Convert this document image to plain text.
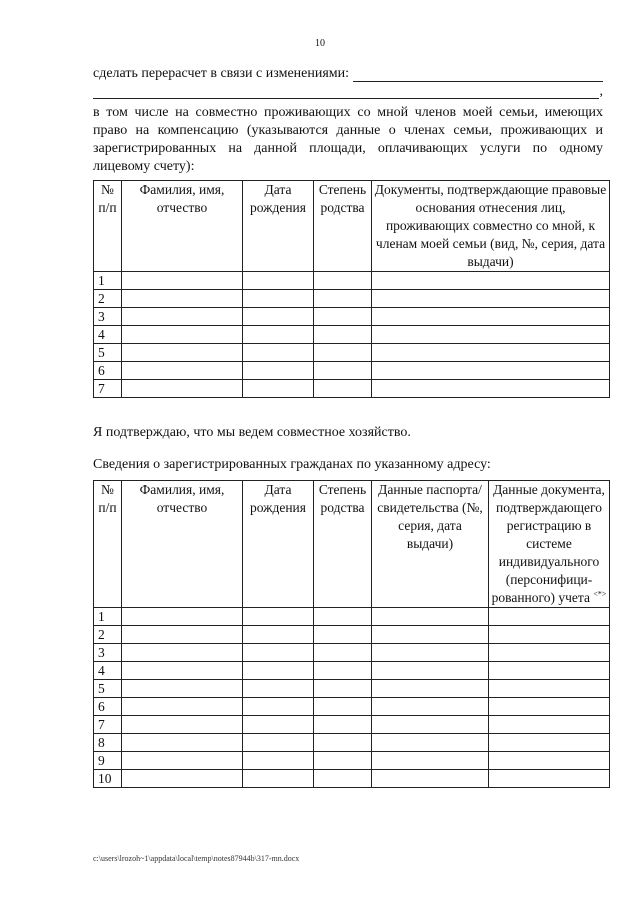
10
сделать перерасчет в связи с изменениями:
,

в том числе на совместно проживающих со мной членов моей семьи, имеющих право на компенсацию (указываются данные о членах семьи, проживающих и зарегистрированных на данной площади, оплачивающих услуги по одному лицевому счету):

№ п/п	Фамилия, имя, отчество	Дата рождения	Степень родства	Документы, подтверждающие правовые основания отнесения лиц, проживающих совместно со мной, к членам моей семьи (вид, №, серия, дата выдачи)
1				
2				
3				
4				
5				
6				
7				
Я подтверждаю, что мы ведем совместное хозяйство.
Сведения о зарегистрированных гражданах по указанному адресу:
№ п/п	Фамилия, имя, отчество	Дата рождения	Степень родства	Данные паспорта/ свидетельства (№, серия, дата выдачи)	Данные документа, подтверждающего регистрацию в системе индивидуального (персонифици-рованного) учета <*>
1					
2					
3					
4					
5					
6					
7					
8					
9					
10					
c:\users\lrozoh~1\appdata\local\temp\notes87944b\317-mn.docx
